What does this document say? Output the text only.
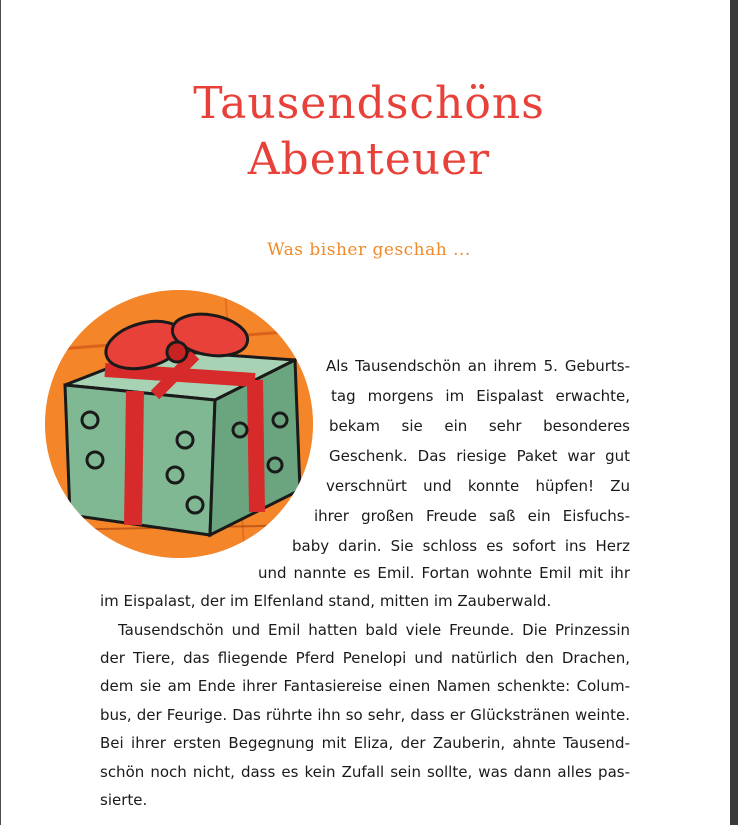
Tausendschöns
Abenteuer
Was bisher geschah ...
Als Tausendschön an ihrem 5. Geburts-
tag morgens im Eispalast erwachte,
bekam sie ein sehr besonderes
Geschenk. Das riesige Paket war gut
verschnürt und konnte hüpfen! Zu
ihrer großen Freude saß ein Eisfuchs-
baby darin. Sie schloss es sofort ins Herz
und nannte es Emil. Fortan wohnte Emil mit ihr
im Eispalast, der im Elfenland stand, mitten im Zauberwald.
Tausendschön und Emil hatten bald viele Freunde. Die Prinzessin
der Tiere, das fliegende Pferd Penelopi und natürlich den Drachen,
dem sie am Ende ihrer Fantasiereise einen Namen schenkte: Colum-
bus, der Feurige. Das rührte ihn so sehr, dass er Glückstränen weinte.
Bei ihrer ersten Begegnung mit Eliza, der Zauberin, ahnte Tausend-
schön noch nicht, dass es kein Zufall sein sollte, was dann alles pas-
sierte.
